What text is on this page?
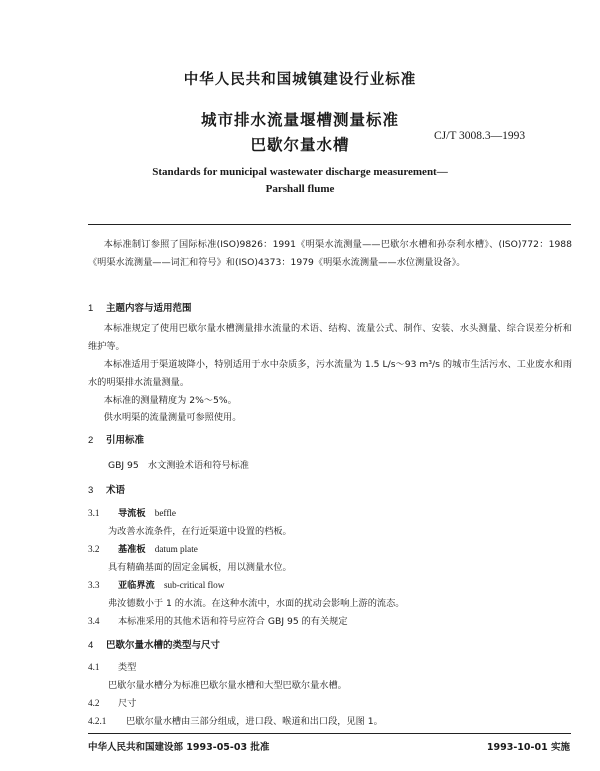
中华人民共和国城镇建设行业标准
城市排水流量堰槽测量标准
巴歇尔量水槽	CJ/T 3008.3—1993
Standards for municipal wastewater discharge measurement—
Parshall flume
本标准制订参照了国际标准(ISO)9826：1991《明渠水流测量——巴歇尔水槽和孙奈利水槽》、(ISO)772：1988《明渠水流测量——词汇和符号》和(ISO)4373：1979《明渠水流测量——水位测量设备》。
1 主题内容与适用范围
本标准规定了使用巴歇尔量水槽测量排水流量的术语、结构、流量公式、制作、安装、水头测量、综合误差分析和维护等。
本标准适用于渠道坡降小，特别适用于水中杂质多，污水流量为 1.5 L/s～93 m³/s 的城市生活污水、工业废水和雨水的明渠排水流量测量。
本标准的测量精度为 2%～5%。
供水明渠的流量测量可参照使用。
2 引用标准
GBJ 95　水文测验术语和符号标准
3 术语
3.1 导流板　 beffle
为改善水流条件，在行近渠道中设置的档板。
3.2 基准板　 datum plate
具有精确基面的固定金属板，用以测量水位。
3.3 亚临界流　 sub-critical flow
弗汝德数小于 1 的水流。在这种水流中，水面的扰动会影响上游的流态。
3.4 本标准采用的其他术语和符号应符合 GBJ 95 的有关规定
4 巴歇尔量水槽的类型与尺寸
4.1 类型
巴歇尔量水槽分为标准巴歇尔量水槽和大型巴歇尔量水槽。
4.2 尺寸
4.2.1 巴歇尔量水槽由三部分组成，进口段、喉道和出口段，见图 1。
中华人民共和国建设部 1993-05-03 批准	1993-10-01 实施
